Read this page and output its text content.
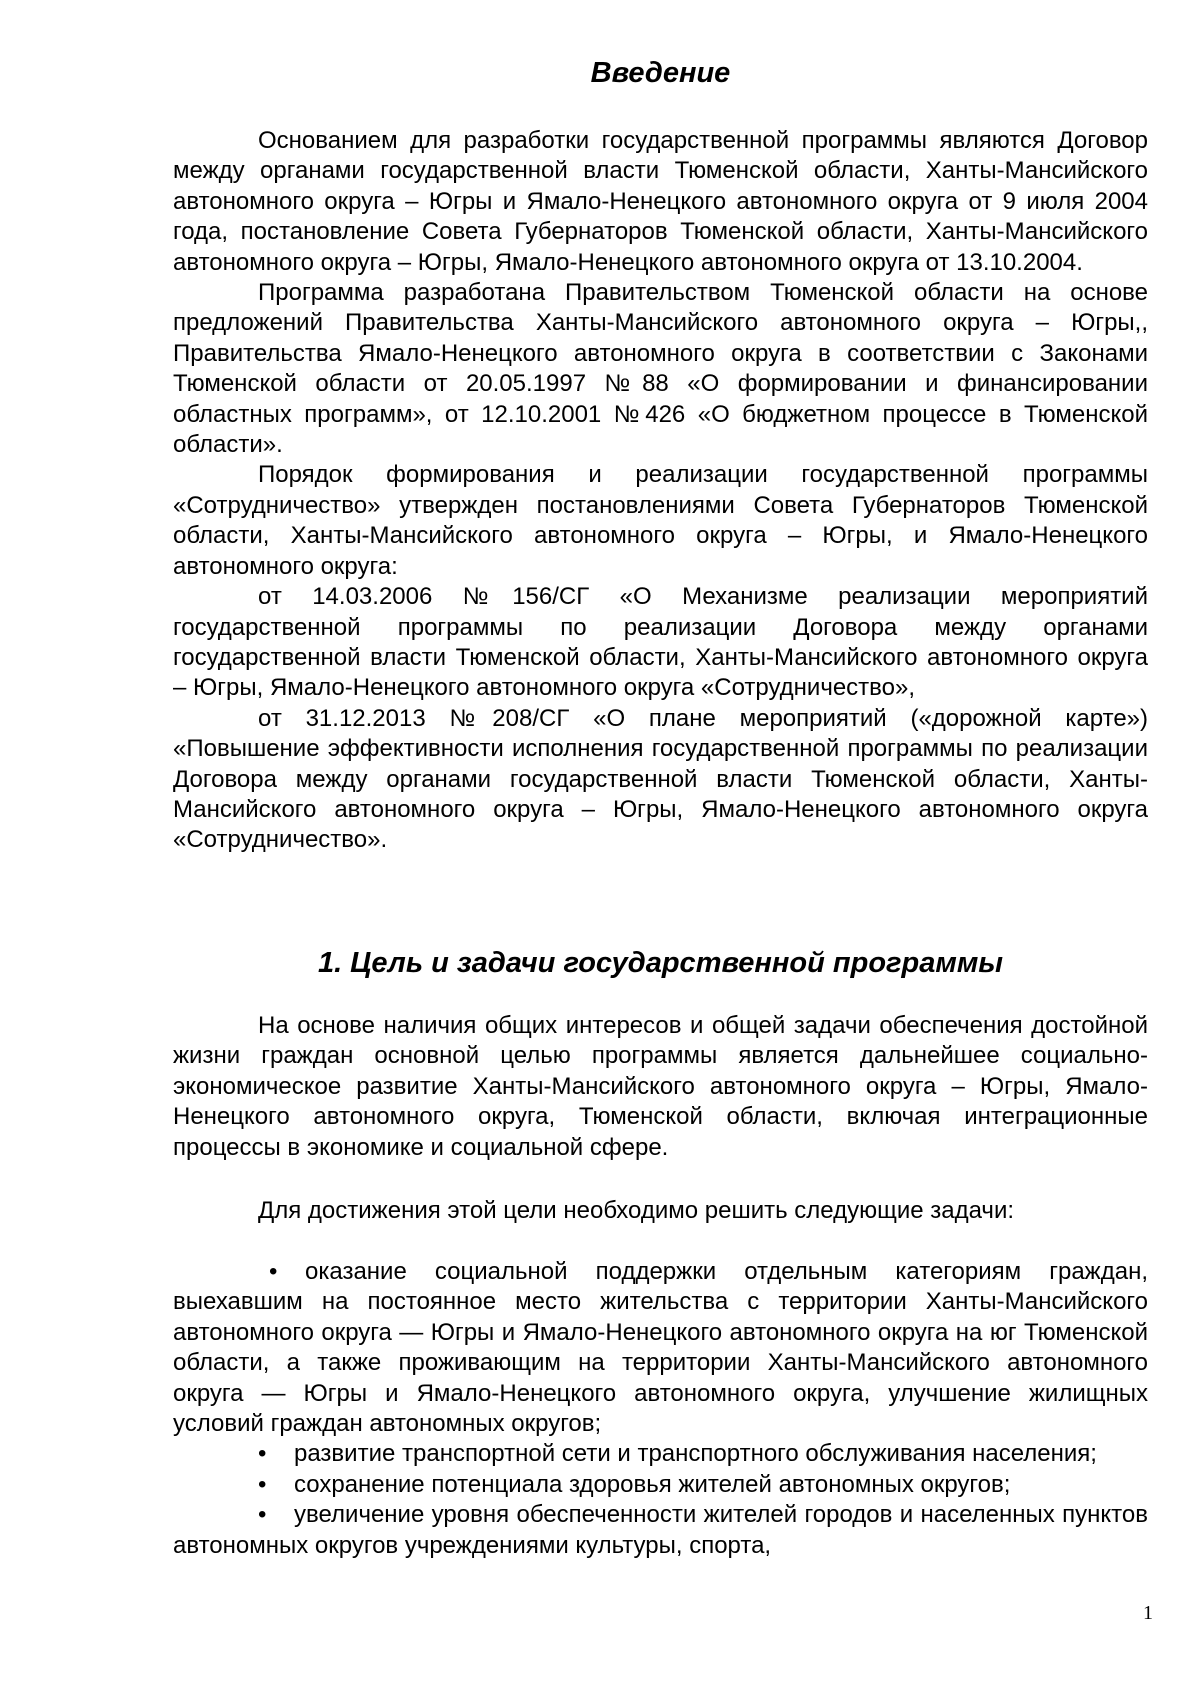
Введение

Основанием для разработки государственной программы являются Договор между органами государственной власти Тюменской области, Ханты-Мансийского автономного округа – Югры и Ямало-Ненецкого автономного округа от 9 июля 2004 года, постановление Совета Губернаторов Тюменской области, Ханты-Мансийского автономного округа – Югры, Ямало-Ненецкого автономного округа от 13.10.2004.

Программа разработана Правительством Тюменской области на основе предложений Правительства Ханты-Мансийского автономного округа – Югры,, Правительства Ямало-Ненецкого автономного округа в соответствии с Законами Тюменской области от 20.05.1997 №88 «О формировании и финансировании областных программ», от 12.10.2001 №426 «О бюджетном процессе в Тюменской области».

Порядок формирования и реализации государственной программы «Сотрудничество» утвержден постановлениями Совета Губернаторов Тюменской области, Ханты-Мансийского автономного округа – Югры, и Ямало-Ненецкого автономного округа:

от 14.03.2006 №156/СГ «О Механизме реализации мероприятий государственной программы по реализации Договора между органами государственной власти Тюменской области, Ханты-Мансийского автономного округа – Югры, Ямало-Ненецкого автономного округа «Сотрудничество»,

от 31.12.2013 №208/СГ «О плане мероприятий («дорожной карте») «Повышение эффективности исполнения государственной программы по реализации Договора между органами государственной власти Тюменской области, Ханты-Мансийского автономного округа – Югры, Ямало-Ненецкого автономного округа «Сотрудничество».

1. Цель и задачи государственной программы

На основе наличия общих интересов и общей задачи обеспечения достойной жизни граждан основной целью программы является дальнейшее социально-экономическое развитие Ханты-Мансийского автономного округа – Югры, Ямало-Ненецкого автономного округа, Тюменской области, включая интеграционные процессы в экономике и социальной сфере.

Для достижения этой цели необходимо решить следующие задачи:

• оказание социальной поддержки отдельным категориям граждан, выехавшим на постоянное место жительства с территории Ханты-Мансийского автономного округа — Югры и Ямало-Ненецкого автономного округа на юг Тюменской области, а также проживающим на территории Ханты-Мансийского автономного округа — Югры и Ямало-Ненецкого автономного округа, улучшение жилищных условий граждан автономных округов;

• развитие транспортной сети и транспортного обслуживания населения;

• сохранение потенциала здоровья жителей автономных округов;

• увеличение уровня обеспеченности жителей городов и населенных пунктов автономных округов учреждениями культуры, спорта,

1
